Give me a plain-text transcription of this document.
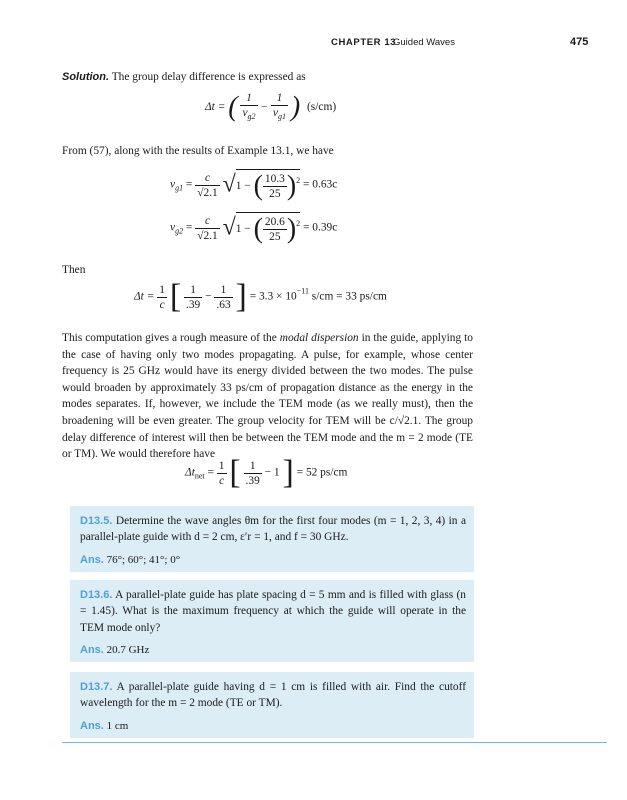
CHAPTER 13
Guided Waves	475
Solution. The group delay difference is expressed as
Δt = ( $\frac{1}{v_{g2}} - \frac{1}{v_{g1}}$ ) (s/cm)
From (57), along with the results of Example 13.1, we have
$v_{g1} = \frac{c}{√2.1} √1$ − ( $\frac{10.3}{25} )^2 = 0.63c$
$v_{g2} = \frac{c}{√2.1} √1$ − ( $\frac{20.6}{25} )^2 = 0.39c$
Then
$\Delta t = \frac{1}{c}$ [ $\frac{1}{.39} - \frac{1}{.63}$ ] = $3.3 \times 10^{-11}$ s/cm = 33 ps/cm
This computation gives a rough measure of the modal dispersion in the guide, applying to the case of having only two modes propagating. A pulse, for example, whose center frequency is 25 GHz would have its energy divided between the two modes. The pulse would broaden by approximately 33 ps/cm of propagation distance as the energy in the modes separates. If, however, we include the TEM mode (as we really must), then the broadening will be even greater. The group velocity for TEM will be c/√2.1. The group delay difference of interest will then be between the TEM mode and the m = 2 mode (TE or TM). We would therefore have
$\Delta t_{net} = \frac{1}{c}$ [ $\frac{1}{.39} - 1$ ] = 52 ps/cm
D13.5. Determine the wave angles θm for the first four modes (m = 1, 2, 3, 4) in a parallel-plate guide with d = 2 cm, ε′r = 1, and f = 30 GHz.
Ans. 76°; 60°; 41°; 0°
D13.6. A parallel-plate guide has plate spacing d = 5 mm and is filled with glass (n = 1.45). What is the maximum frequency at which the guide will operate in the TEM mode only?
Ans. 20.7 GHz
D13.7. A parallel-plate guide having d = 1 cm is filled with air. Find the cutoff wavelength for the m = 2 mode (TE or TM).
Ans. 1 cm
